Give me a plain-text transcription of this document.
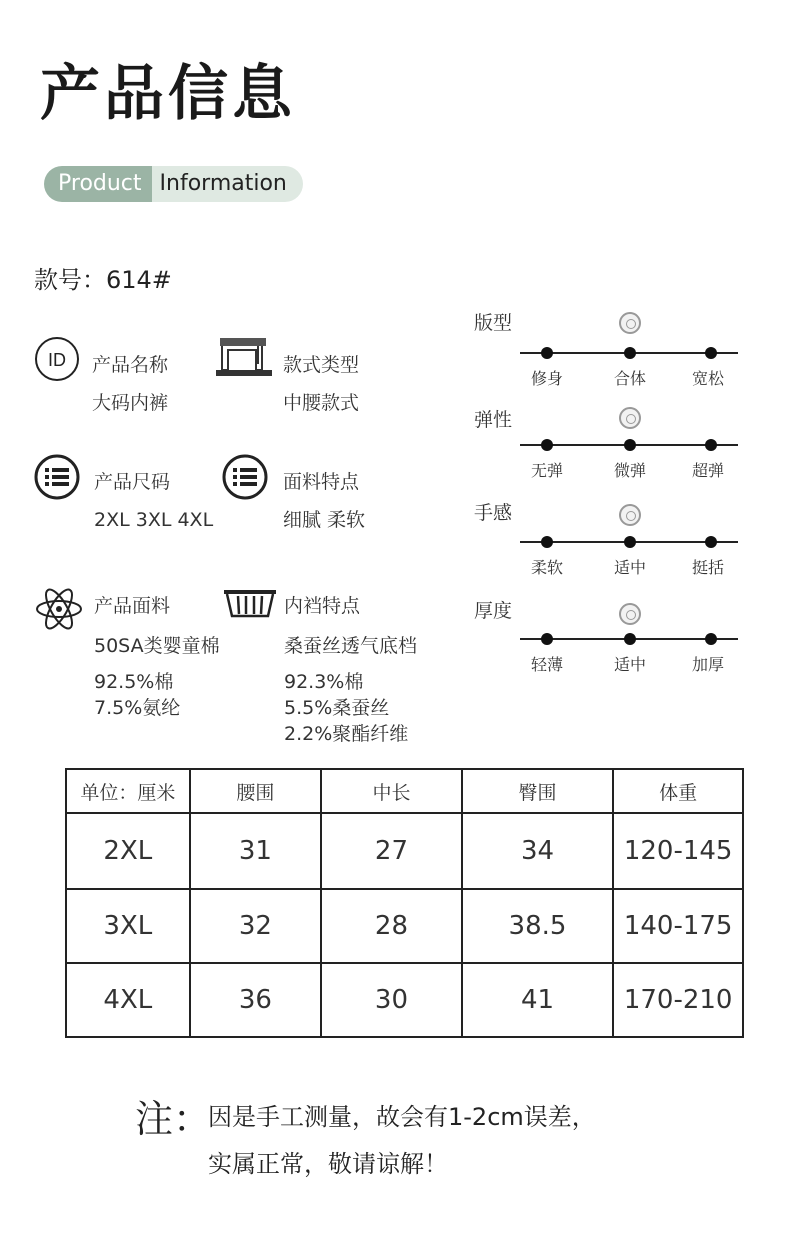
产品信息
Product Information
款号：614#
ID 产品名称
大码内裤
款式类型
中腰款式
产品尺码
2XL 3XL 4XL
面料特点
细腻 柔软
产品面料
50SA类婴童棉
92.5%棉
7.5%氨纶
内裆特点
桑蚕丝透气底档
92.3%棉
5.5%桑蚕丝
2.2%聚酯纤维
版型
修身	合体	宽松
弹性
无弹	微弹	超弹
手感
柔软	适中	挺括
厚度
轻薄	适中	加厚
单位：厘米	腰围	中长	臀围	体重
2XL	31	27	34	120-145
3XL	32	28	38.5	140-175
4XL	36	30	41	170-210
注：
因是手工测量，故会有1-2cm误差，
实属正常，敬请谅解！
